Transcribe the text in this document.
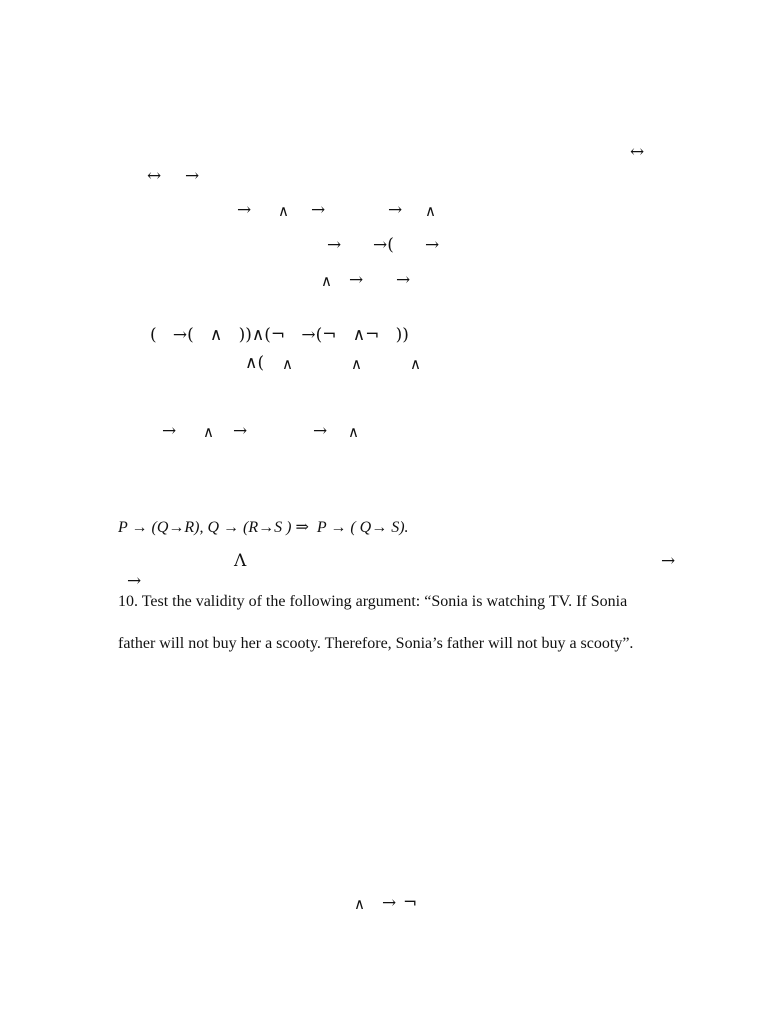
↔
↔ →
→ ∧ →	→ ∧
→ →( →
∧ → →
(   →(   ∧   ))∧(¬   →(¬   ∧¬   ))
∧( ∧	∧	∧
→ ∧ →	→ ∧
P → (Q→R), Q → (R→S ) ⇒  P → ( Q→ S).
Λ	→
→
10. Test the validity of the following argument: “Sonia is watching TV. If Sonia
father will not buy her a scooty. Therefore, Sonia’s father will not buy a scooty”.
∧ → ¬
